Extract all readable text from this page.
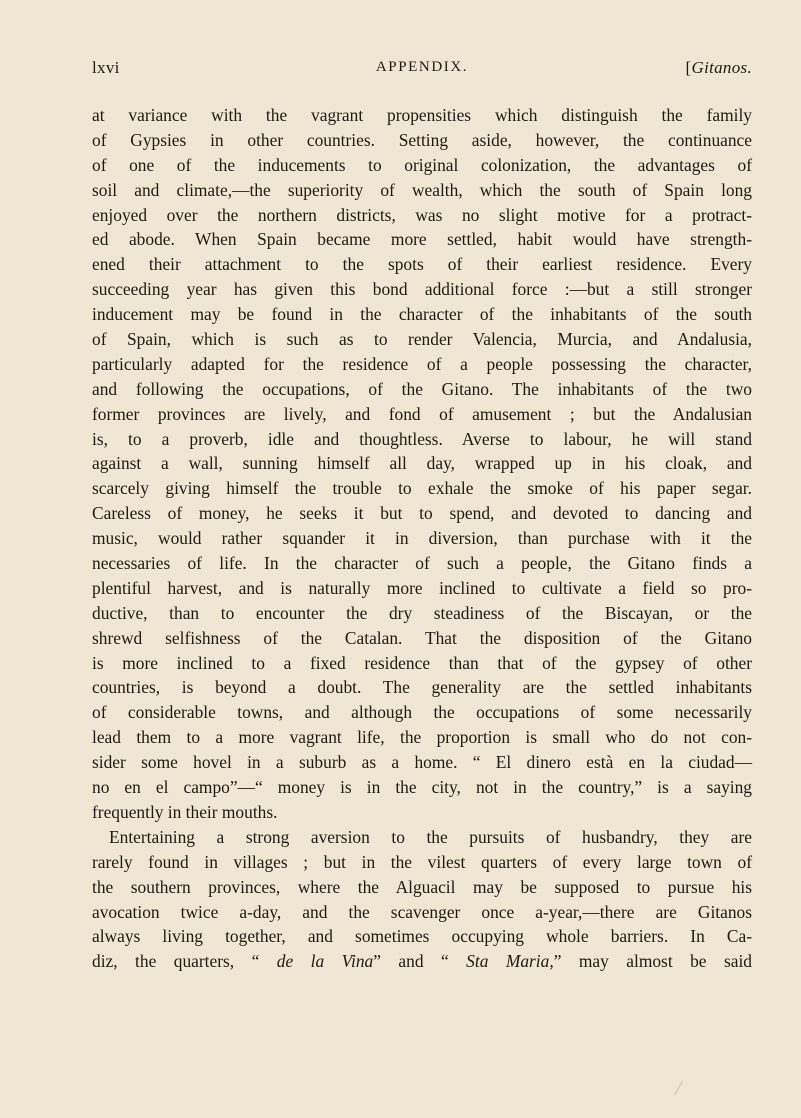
lxvi	APPENDIX.	[Gitanos.
at variance with the vagrant propensities which distinguish the family
of Gypsies in other countries. Setting aside, however, the continuance
of one of the inducements to original colonization, the advantages of
soil and climate,—the superiority of wealth, which the south of Spain long
enjoyed over the northern districts, was no slight motive for a protract-
ed abode. When Spain became more settled, habit would have strength-
ened their attachment to the spots of their earliest residence. Every
succeeding year has given this bond additional force :—but a still stronger
inducement may be found in the character of the inhabitants of the south
of Spain, which is such as to render Valencia, Murcia, and Andalusia,
particularly adapted for the residence of a people possessing the character,
and following the occupations, of the Gitano. The inhabitants of the two
former provinces are lively, and fond of amusement ; but the Andalusian
is, to a proverb, idle and thoughtless. Averse to labour, he will stand
against a wall, sunning himself all day, wrapped up in his cloak, and
scarcely giving himself the trouble to exhale the smoke of his paper segar.
Careless of money, he seeks it but to spend, and devoted to dancing and
music, would rather squander it in diversion, than purchase with it the
necessaries of life. In the character of such a people, the Gitano finds a
plentiful harvest, and is naturally more inclined to cultivate a field so pro-
ductive, than to encounter the dry steadiness of the Biscayan, or the
shrewd selfishness of the Catalan. That the disposition of the Gitano
is more inclined to a fixed residence than that of the gypsey of other
countries, is beyond a doubt. The generality are the settled inhabitants
of considerable towns, and although the occupations of some necessarily
lead them to a more vagrant life, the proportion is small who do not con-
sider some hovel in a suburb as a home. “ El dinero està en la ciudad—
no en el campo”—“ money is in the city, not in the country,” is a saying
frequently in their mouths.
Entertaining a strong aversion to the pursuits of husbandry, they are
rarely found in villages ; but in the vilest quarters of every large town of
the southern provinces, where the Alguacil may be supposed to pursue his
avocation twice a-day, and the scavenger once a-year,—there are Gitanos
always living together, and sometimes occupying whole barriers. In Ca-
diz, the quarters, “ de la Vina” and “ Sta Maria,” may almost be said
